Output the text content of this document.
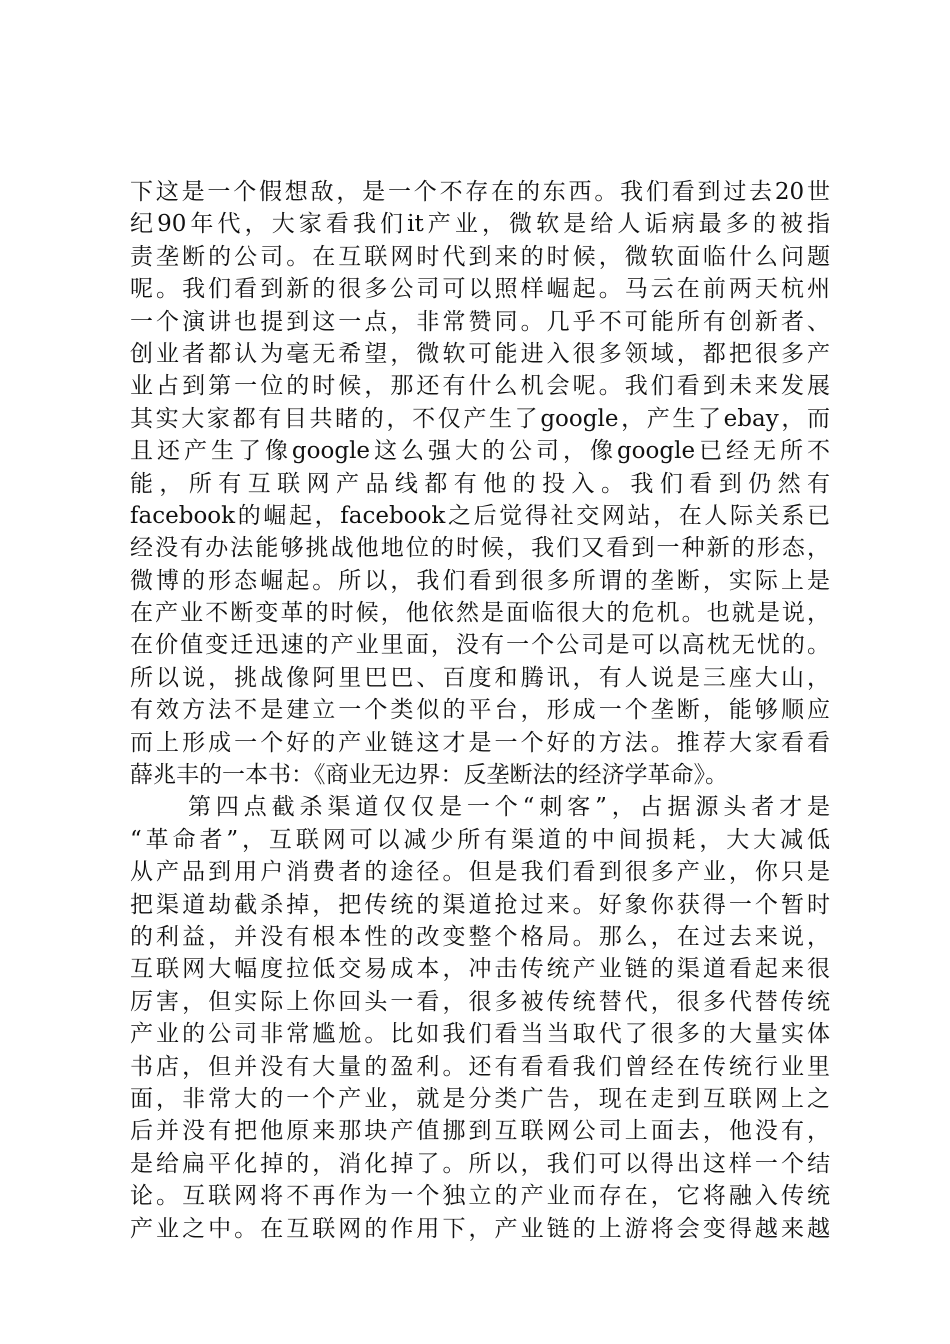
下这是一个假想敌，是一个不存在的东西。我们看到过去20世
纪90年代，大家看我们it产业，微软是给人诟病最多的被指
责垄断的公司。在互联网时代到来的时候，微软面临什么问题
呢。我们看到新的很多公司可以照样崛起。马云在前两天杭州
一个演讲也提到这一点，非常赞同。几乎不可能所有创新者、
创业者都认为毫无希望，微软可能进入很多领域，都把很多产
业占到第一位的时候，那还有什么机会呢。我们看到未来发展
其实大家都有目共睹的，不仅产生了google，产生了ebay，而
且还产生了像google这么强大的公司，像google已经无所不
能，所有互联网产品线都有他的投入。我们看到仍然有
facebook的崛起，facebook之后觉得社交网站，在人际关系已
经没有办法能够挑战他地位的时候，我们又看到一种新的形态，
微博的形态崛起。所以，我们看到很多所谓的垄断，实际上是
在产业不断变革的时候，他依然是面临很大的危机。也就是说，
在价值变迁迅速的产业里面，没有一个公司是可以高枕无忧的。
所以说，挑战像阿里巴巴、百度和腾讯，有人说是三座大山，
有效方法不是建立一个类似的平台，形成一个垄断，能够顺应
而上形成一个好的产业链这才是一个好的方法。推荐大家看看
薛兆丰的一本书：《商业无边界：反垄断法的经济学革命》。
第四点截杀渠道仅仅是一个“刺客”，占据源头者才是
“革命者”，互联网可以减少所有渠道的中间损耗，大大减低
从产品到用户消费者的途径。但是我们看到很多产业，你只是
把渠道劫截杀掉，把传统的渠道抢过来。好象你获得一个暂时
的利益，并没有根本性的改变整个格局。那么，在过去来说，
互联网大幅度拉低交易成本，冲击传统产业链的渠道看起来很
厉害，但实际上你回头一看，很多被传统替代，很多代替传统
产业的公司非常尴尬。比如我们看当当取代了很多的大量实体
书店，但并没有大量的盈利。还有看看我们曾经在传统行业里
面，非常大的一个产业，就是分类广告，现在走到互联网上之
后并没有把他原来那块产值挪到互联网公司上面去，他没有，
是给扁平化掉的，消化掉了。所以，我们可以得出这样一个结
论。互联网将不再作为一个独立的产业而存在，它将融入传统
产业之中。在互联网的作用下，产业链的上游将会变得越来越
